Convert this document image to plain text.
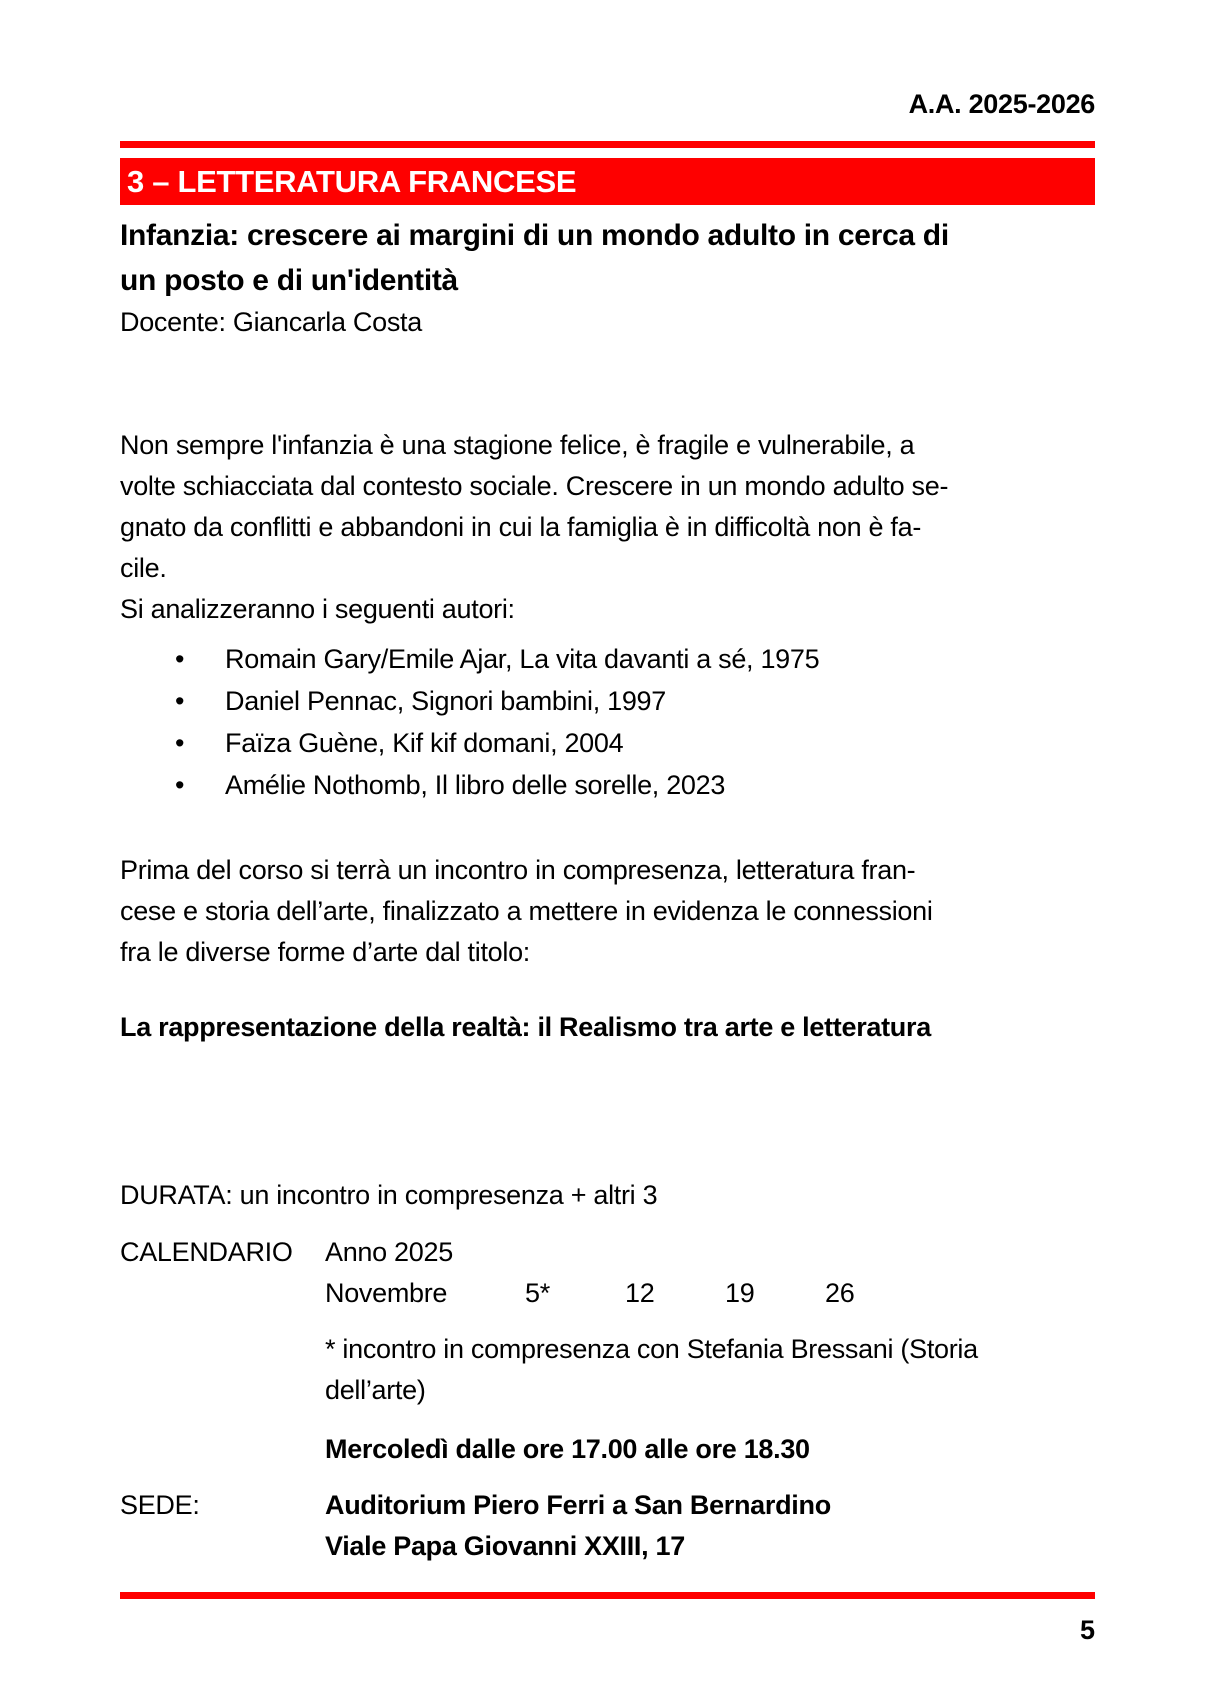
A.A. 2025-2026
3 – LETTERATURA FRANCESE
Infanzia: crescere ai margini di un mondo adulto in cerca di
un posto e di un'identità
Docente: Giancarla Costa
Non sempre l'infanzia è una stagione felice, è fragile e vulnerabile, a
volte schiacciata dal contesto sociale. Crescere in un mondo adulto se-
gnato da conflitti e abbandoni in cui la famiglia è in difficoltà non è fa-
cile.
Si analizzeranno i seguenti autori:
•	Romain Gary/Emile Ajar, La vita davanti a sé, 1975
•	Daniel Pennac, Signori bambini, 1997
•	Faïza Guène, Kif kif domani, 2004
•	Amélie Nothomb, Il libro delle sorelle, 2023
Prima del corso si terrà un incontro in compresenza, letteratura fran-
cese e storia dell’arte, finalizzato a mettere in evidenza le connessioni
fra le diverse forme d’arte dal titolo:
La rappresentazione della realtà: il Realismo tra arte e letteratura
DURATA: un incontro in compresenza + altri 3
CALENDARIO	Anno 2025
Novembre	5*	12	19	26
* incontro in compresenza con Stefania Bressani (Storia
dell’arte)
Mercoledì dalle ore 17.00 alle ore 18.30
SEDE:	Auditorium Piero Ferri a San Bernardino
Viale Papa Giovanni XXIII, 17
5
